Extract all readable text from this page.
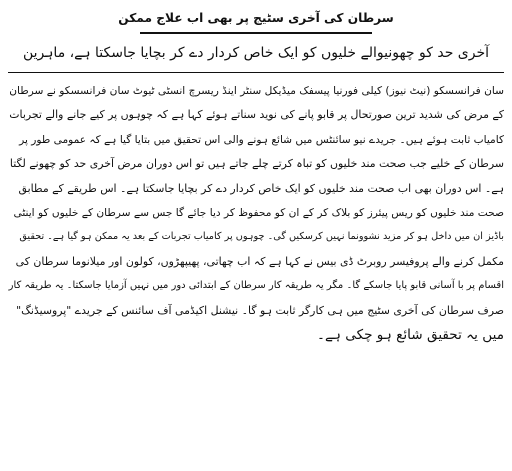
سرطان کی آخری سٹیج پر بھی اب علاج ممکن
آخری حد کو چھونیوالے خلیوں کو ایک خاص کردار دے کر بچایا جاسکتا ہے، ماہرین
سان فرانسسکو (نیٹ نیوز) کیلی فورنیا پیسفک میڈیکل سنٹر اینڈ ریسرچ انسٹی ٹیوٹ سان فرانسسکو نے سرطان
کے مرض کی شدید ترین صورتحال پر قابو پانے کی نوید سناتے ہوئے کہا ہے کہ چوہوں پر کیے جانے والے تجربات
کامیاب ثابت ہوئے ہیں۔ جریدے نیو سائنٹس میں شائع ہونے والی اس تحقیق میں بتایا گیا ہے کہ عمومی طور پر
سرطان کے خلیے جب صحت مند خلیوں کو تباہ کرتے چلے جاتے ہیں تو اس دوران مرض آخری حد کو چھونے لگتا
ہے۔ اس دوران بھی اب صحت مند خلیوں کو ایک خاص کردار دے کر بچایا جاسکتا ہے۔ اس طریقے کے مطابق
صحت مند خلیوں کو ریس پیئرز کو بلاک کر کے ان کو محفوظ کر دیا جائے گا جس سے سرطان کے خلیوں کو اینٹی
باڈیز ان میں داخل ہو کر مزید نشوونما نہیں کرسکیں گی۔ چوہوں پر کامیاب تجربات کے بعد یہ ممکن ہو گیا ہے۔ تحقیق
مکمل کرنے والے پروفیسر روبرٹ ڈی بیس نے کہا ہے کہ اب چھاتی، پھیپھڑوں، کولون اور میلانوما سرطان کی
اقسام پر با آسانی قابو پایا جاسکے گا۔ مگر یہ طریقہ کار سرطان کے ابتدائی دور میں نہیں آزمایا جاسکتا۔ یہ طریقہ کار
صرف سرطان کی آخری سٹیج میں ہی کارگر ثابت ہو گا۔ نیشنل اکیڈمی آف سائنس کے جریدے "پروسیڈنگ"
میں یہ تحقیق شائع ہو چکی ہے۔
